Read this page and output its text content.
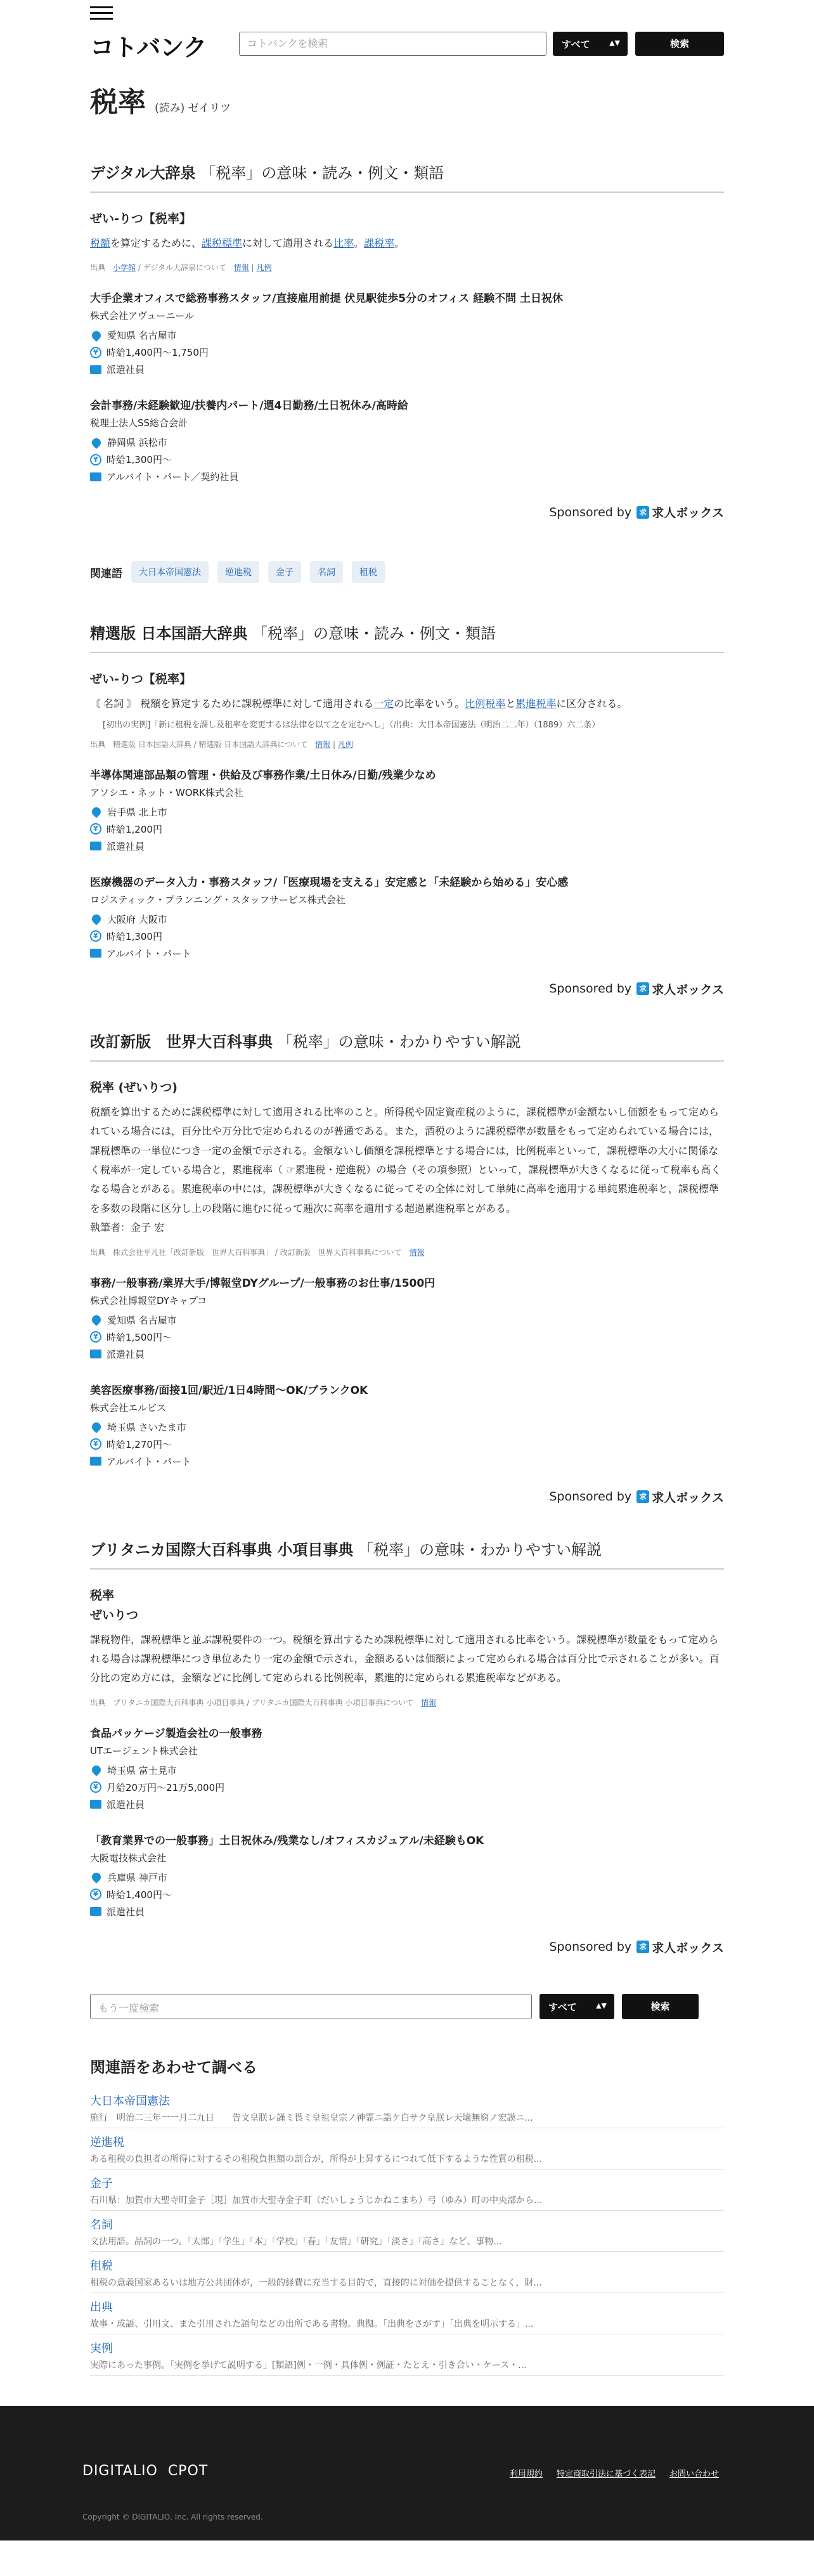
コトバンク	コトバンクを検索	すべて	▲▼	検索
税率 (読み) ゼイリツ
デジタル大辞泉 「税率」の意味・読み・例文・類語
ぜい‐りつ【税率】
税額を算定するために、課税標準に対して適用される比率。課税率。
出典　 小学館 / デジタル大辞泉について　 情報 | 凡例
大手企業オフィスで総務事務スタッフ/直接雇用前提 伏見駅徒歩5分のオフィス 経験不問 土日祝休
株式会社アヴューニール
愛知県 名古屋市
¥ 時給1,400円〜1,750円
派遣社員
会計事務/未経験歓迎/扶養内パート/週4日勤務/土日祝休み/高時給
税理士法人SS総合会計
静岡県 浜松市
¥ 時給1,300円〜
アルバイト・パート／契約社員
Sponsored by 求 求人ボックス
関連語	大日本帝国憲法	逆進税	金子	名詞	租税
精選版 日本国語大辞典 「税率」の意味・読み・例文・類語
ぜい‐りつ【税率】
〘 名詞 〙 税額を算定するために課税標準に対して適用される一定の比率をいう。比例税率と累進税率に区分される。
[初出の実例]「新に租税を課し及租率を変更するは法律を以て之を定むへし」（出典：大日本帝国憲法（明治二二年）（1889）六二条）
出典　 精選版 日本国語大辞典 / 精選版 日本国語大辞典について　 情報 | 凡例
半導体関連部品類の管理・供給及び事務作業/土日休み/日勤/残業少なめ
アソシエ・ネット・WORK株式会社
岩手県 北上市
¥ 時給1,200円
派遣社員
医療機器のデータ入力・事務スタッフ/「医療現場を支える」安定感と「未経験から始める」安心感
ロジスティック・プランニング・スタッフサービス株式会社
大阪府 大阪市
¥ 時給1,300円
アルバイト・パート
Sponsored by 求 求人ボックス
改訂新版　世界大百科事典 「税率」の意味・わかりやすい解説
税率 (ぜいりつ)
税額を算出するために課税標準に対して適用される比率のこと。所得税や固定資産税のように，課税標準が金額ないし価額をもって定められている場合には，百分比や万分比で定められるのが普通である。また，酒税のように課税標準が数量をもって定められている場合には，課税標準の一単位につき一定の金額で示される。金額ないし価額を課税標準とする場合には，比例税率といって，課税標準の大小に関係なく税率が一定している場合と，累進税率（ ☞累進税・逆進税）の場合（その項参照）といって，課税標準が大きくなるに従って税率も高くなる場合とがある。累進税率の中には，課税標準が大きくなるに従ってその全体に対して単純に高率を適用する単純累進税率と，課税標準を多数の段階に区分し上の段階に進むに従って逓次に高率を適用する超過累進税率とがある。
執筆者：金子 宏
出典　 株式会社平凡社「改訂新版　世界大百科事典」 / 改訂新版　世界大百科事典について　 情報
事務/一般事務/業界大手/博報堂DYグループ/一般事務のお仕事/1500円
株式会社博報堂DYキャプコ
愛知県 名古屋市
¥ 時給1,500円〜
派遣社員
美容医療事務/面接1回/駅近/1日4時間〜OK/ブランクOK
株式会社エルビス
埼玉県 さいたま市
¥ 時給1,270円〜
アルバイト・パート
Sponsored by 求 求人ボックス
ブリタニカ国際大百科事典 小項目事典 「税率」の意味・わかりやすい解説
税率
ぜいりつ
課税物件，課税標準と並ぶ課税要件の一つ。税額を算出するため課税標準に対して適用される比率をいう。課税標準が数量をもって定められる場合は課税標準につき単位あたり一定の金額で示され，金額あるいは価額によって定められる場合は百分比で示されることが多い。百分比の定め方には，金額などに比例して定められる比例税率，累進的に定められる累進税率などがある。
出典　 ブリタニカ国際大百科事典 小項目事典 / ブリタニカ国際大百科事典 小項目事典について　 情報
食品パッケージ製造会社の一般事務
UTエージェント株式会社
埼玉県 富士見市
¥ 月給20万円〜21万5,000円
派遣社員
「教育業界での一般事務」土日祝休み/残業なし/オフィスカジュアル/未経験もOK
大阪電技株式会社
兵庫県 神戸市
¥ 時給1,400円〜
派遣社員
Sponsored by 求 求人ボックス
もう一度検索	すべて	▲▼	検索
関連語をあわせて調べる
大日本帝国憲法
施行　明治二三年一一月二九日　　告文皇朕レ謹ミ畏ミ皇祖皇宗ノ神霊ニ誥ケ白サク皇朕レ天壌無窮ノ宏謨ニ...
逆進税
ある租税の負担者の所得に対するその租税負担額の割合が，所得が上昇するにつれて低下するような性質の租税...
金子
石川県：加賀市大聖寺町金子［現］加賀市大聖寺金子町（だいしょうじかねこまち）弓（ゆみ）町の中央部から...
名詞
文法用語。品詞の一つ。「太郎」「学生」「本」「学校」「春」「友情」「研究」「淡さ」「高さ」など、事物...
租税
租税の意義国家あるいは地方公共団体が，一般的経費に充当する目的で，直接的に対価を提供することなく，財...
出典
故事・成語、引用文、また引用された語句などの出所である書物。典拠。「出典をさがす」「出典を明示する」...
実例
実際にあった事例。「実例を挙げて説明する」[類語]例・一例・具体例・例証・たとえ・引き合い・ケース・...
DIGITALIO CPOT	利用規約 特定商取引法に基づく表記 お問い合わせ
Copyright © DIGITALIO, Inc. All rights reserved.
